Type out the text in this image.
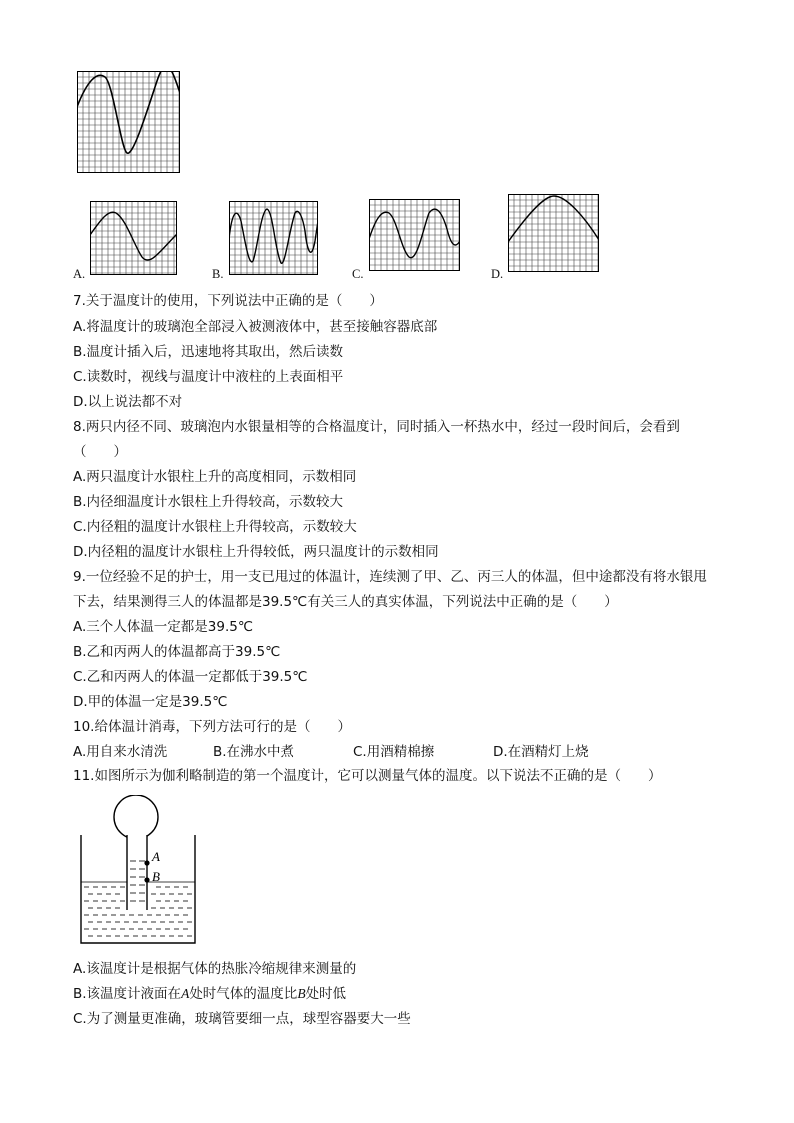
A.	B.	C.	D.
7.关于温度计的使用，下列说法中正确的是（　　）
A.将温度计的玻璃泡全部浸入被测液体中，甚至接触容器底部
B.温度计插入后，迅速地将其取出，然后读数
C.读数时，视线与温度计中液柱的上表面相平
D.以上说法都不对
8.两只内径不同、玻璃泡内水银量相等的合格温度计，同时插入一杯热水中，经过一段时间后，会看到
（　　）
A.两只温度计水银柱上升的高度相同，示数相同
B.内径细温度计水银柱上升得较高，示数较大
C.内径粗的温度计水银柱上升得较高，示数较大
D.内径粗的温度计水银柱上升得较低，两只温度计的示数相同
9.一位经验不足的护士，用一支已甩过的体温计，连续测了甲、乙、丙三人的体温，但中途都没有将水银甩
下去，结果测得三人的体温都是39.5℃有关三人的真实体温，下列说法中正确的是（　　）
A.三个人体温一定都是39.5℃
B.乙和丙两人的体温都高于39.5℃
C.乙和丙两人的体温一定都低于39.5℃
D.甲的体温一定是39.5℃
10.给体温计消毒，下列方法可行的是（　　）
A.用自来水清洗	B.在沸水中煮	C.用酒精棉擦	D.在酒精灯上烧
11.如图所示为伽利略制造的第一个温度计，它可以测量气体的温度。以下说法不正确的是（　　）
A
B
A.该温度计是根据气体的热胀冷缩规律来测量的
B.该温度计液面在A处时气体的温度比B处时低
C.为了测量更准确，玻璃管要细一点，球型容器要大一些
